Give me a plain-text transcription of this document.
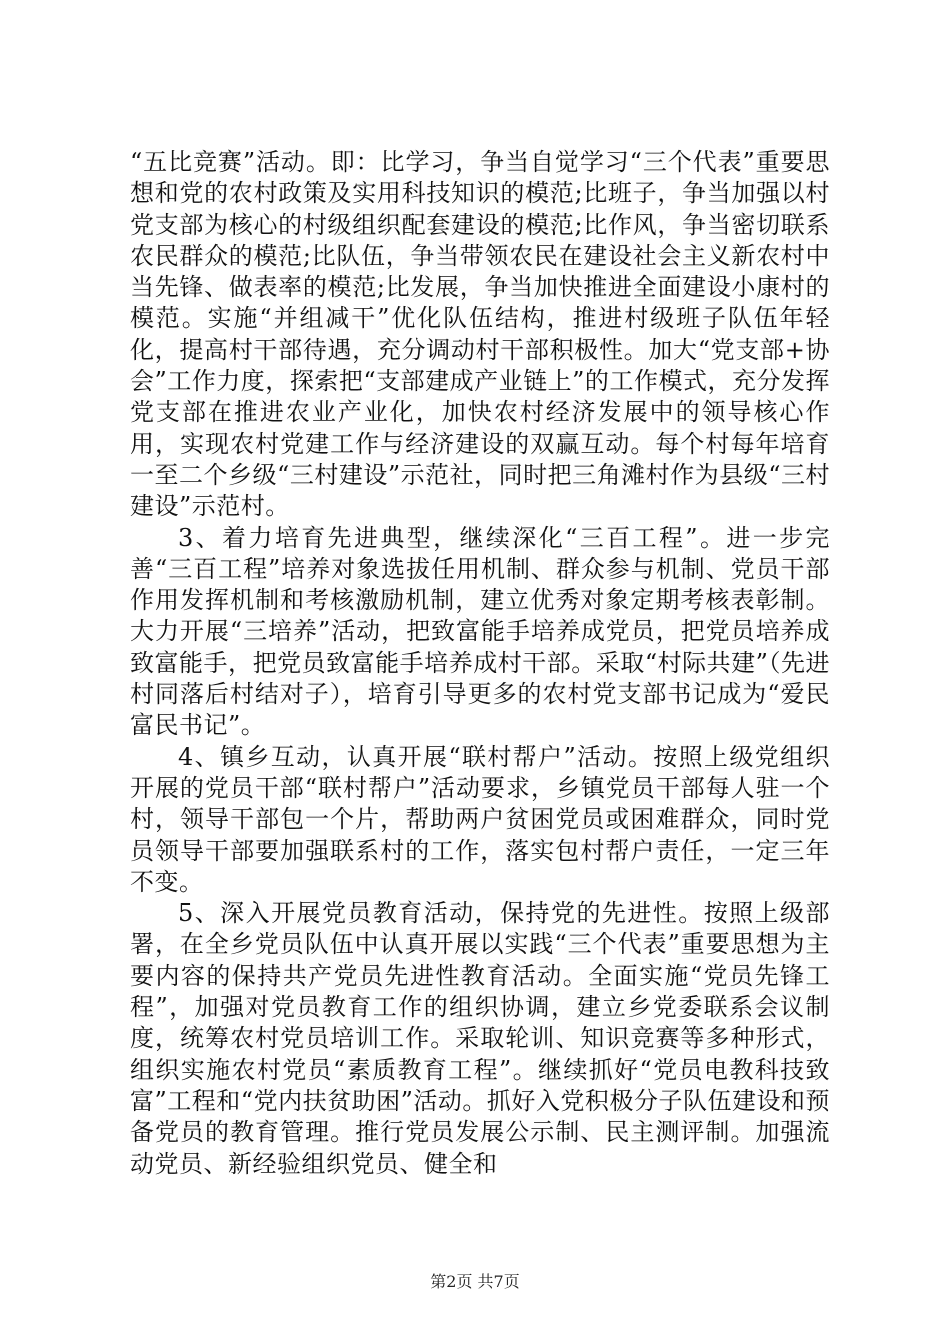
“五比竞赛”活动。即：比学习，争当自觉学习“三个代表”重要思想和党的农村政策及实用科技知识的模范;比班子，争当加强以村党支部为核心的村级组织配套建设的模范;比作风，争当密切联系农民群众的模范;比队伍，争当带领农民在建设社会主义新农村中当先锋、做表率的模范;比发展，争当加快推进全面建设小康村的模范。实施“并组减干”优化队伍结构，推进村级班子队伍年轻化，提高村干部待遇，充分调动村干部积极性。加大“党支部+协会”工作力度，探索把“支部建成产业链上”的工作模式，充分发挥党支部在推进农业产业化，加快农村经济发展中的领导核心作用，实现农村党建工作与经济建设的双赢互动。每个村每年培育一至二个乡级“三村建设”示范社，同时把三角滩村作为县级“三村建设”示范村。

3、着力培育先进典型，继续深化“三百工程”。进一步完善“三百工程”培养对象选拔任用机制、群众参与机制、党员干部作用发挥机制和考核激励机制，建立优秀对象定期考核表彰制。大力开展“三培养”活动，把致富能手培养成党员，把党员培养成致富能手，把党员致富能手培养成村干部。采取“村际共建”（先进村同落后村结对子），培育引导更多的农村党支部书记成为“爱民富民书记”。

4、镇乡互动，认真开展“联村帮户”活动。按照上级党组织开展的党员干部“联村帮户”活动要求，乡镇党员干部每人驻一个村，领导干部包一个片，帮助两户贫困党员或困难群众，同时党员领导干部要加强联系村的工作，落实包村帮户责任，一定三年不变。

5、深入开展党员教育活动，保持党的先进性。按照上级部署，在全乡党员队伍中认真开展以实践“三个代表”重要思想为主要内容的保持共产党员先进性教育活动。全面实施“党员先锋工程”，加强对党员教育工作的组织协调，建立乡党委联系会议制度，统筹农村党员培训工作。采取轮训、知识竞赛等多种形式，组织实施农村党员“素质教育工程”。继续抓好“党员电教科技致富”工程和“党内扶贫助困”活动。抓好入党积极分子队伍建设和预备党员的教育管理。推行党员发展公示制、民主测评制。加强流动党员、新经验组织党员、健全和

第2页 共7页
